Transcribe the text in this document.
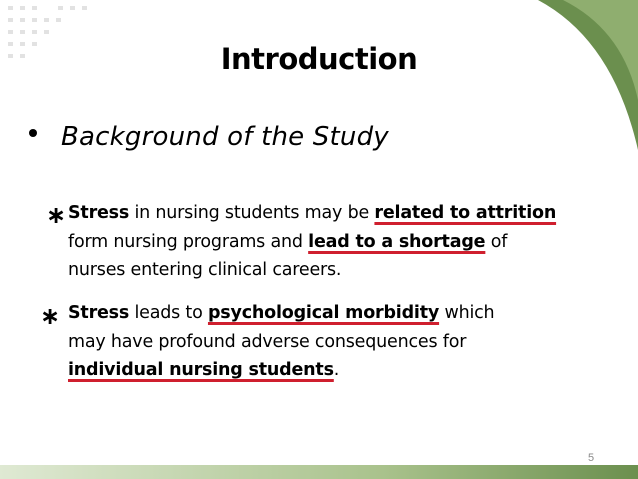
Introduction
Background of the Study
∗ Stress in nursing students may be related to attrition
form nursing programs and lead to a shortage of
nurses entering clinical careers.
∗ Stress leads to psychological morbidity which
may have profound adverse consequences for
individual nursing students.
5
